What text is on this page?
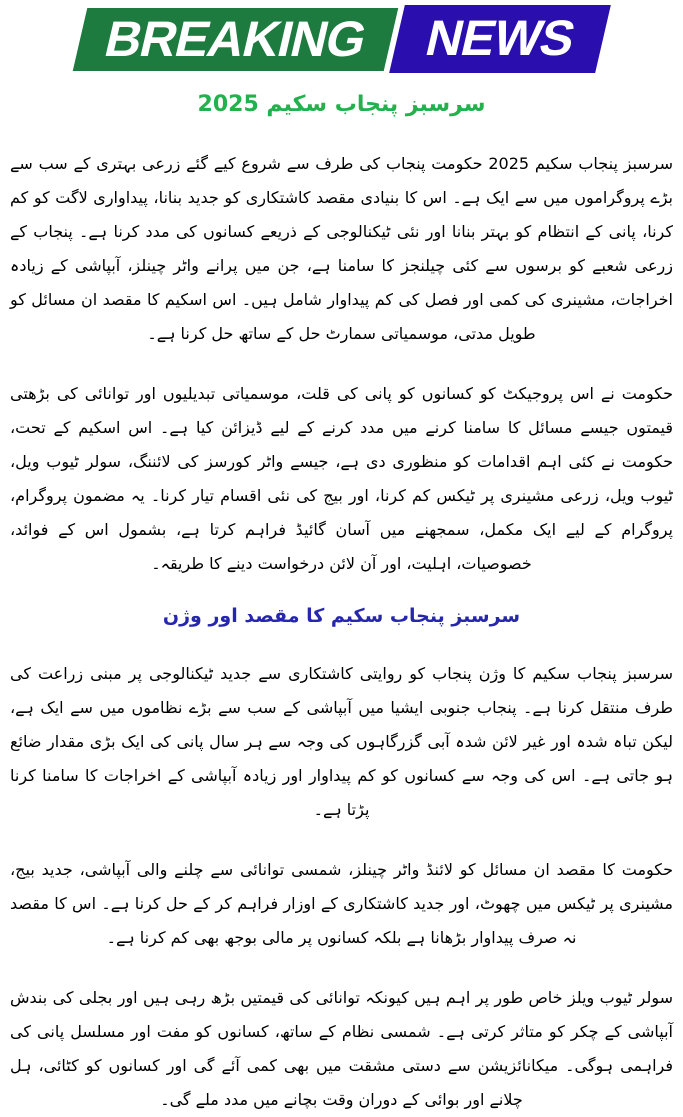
BREAKING	NEWS
سرسبز پنجاب سکیم 2025

سرسبز پنجاب سکیم 2025 حکومت پنجاب کی طرف سے شروع کیے گئے زرعی بہتری کے سب سے بڑے پروگراموں میں سے ایک ہے۔ اس کا بنیادی مقصد کاشتکاری کو جدید بنانا، پیداواری لاگت کو کم کرنا، پانی کے انتظام کو بہتر بنانا اور نئی ٹیکنالوجی کے ذریعے کسانوں کی مدد کرنا ہے۔ پنجاب کے زرعی شعبے کو برسوں سے کئی چیلنجز کا سامنا ہے، جن میں پرانے واٹر چینلز، آبپاشی کے زیادہ اخراجات، مشینری کی کمی اور فصل کی کم پیداوار شامل ہیں۔ اس اسکیم کا مقصد ان مسائل کو طویل مدتی، موسمیاتی سمارٹ حل کے ساتھ حل کرنا ہے۔

حکومت نے اس پروجیکٹ کو کسانوں کو پانی کی قلت، موسمیاتی تبدیلیوں اور توانائی کی بڑھتی قیمتوں جیسے مسائل کا سامنا کرنے میں مدد کرنے کے لیے ڈیزائن کیا ہے۔ اس اسکیم کے تحت، حکومت نے کئی اہم اقدامات کو منظوری دی ہے، جیسے واٹر کورسز کی لائننگ، سولر ٹیوب ویل، ٹیوب ویل، زرعی مشینری پر ٹیکس کم کرنا، اور بیج کی نئی اقسام تیار کرنا۔ یہ مضمون پروگرام، پروگرام کے لیے ایک مکمل، سمجھنے میں آسان گائیڈ فراہم کرتا ہے، بشمول اس کے فوائد، خصوصیات، اہلیت، اور آن لائن درخواست دینے کا طریقہ۔

سرسبز پنجاب سکیم کا مقصد اور وژن

سرسبز پنجاب سکیم کا وژن پنجاب کو روایتی کاشتکاری سے جدید ٹیکنالوجی پر مبنی زراعت کی طرف منتقل کرنا ہے۔ پنجاب جنوبی ایشیا میں آبپاشی کے سب سے بڑے نظاموں میں سے ایک ہے، لیکن تباہ شدہ اور غیر لائن شدہ آبی گزرگاہوں کی وجہ سے ہر سال پانی کی ایک بڑی مقدار ضائع ہو جاتی ہے۔ اس کی وجہ سے کسانوں کو کم پیداوار اور زیادہ آبپاشی کے اخراجات کا سامنا کرنا پڑتا ہے۔

حکومت کا مقصد ان مسائل کو لائنڈ واٹر چینلز، شمسی توانائی سے چلنے والی آبپاشی، جدید بیج، مشینری پر ٹیکس میں چھوٹ، اور جدید کاشتکاری کے اوزار فراہم کر کے حل کرنا ہے۔ اس کا مقصد نہ صرف پیداوار بڑھانا ہے بلکہ کسانوں پر مالی بوجھ بھی کم کرنا ہے۔

سولر ٹیوب ویلز خاص طور پر اہم ہیں کیونکہ توانائی کی قیمتیں بڑھ رہی ہیں اور بجلی کی بندش آبپاشی کے چکر کو متاثر کرتی ہے۔ شمسی نظام کے ساتھ، کسانوں کو مفت اور مسلسل پانی کی فراہمی ہوگی۔ میکانائزیشن سے دستی مشقت میں بھی کمی آئے گی اور کسانوں کو کٹائی، ہل چلانے اور بوائی کے دوران وقت بچانے میں مدد ملے گی۔
